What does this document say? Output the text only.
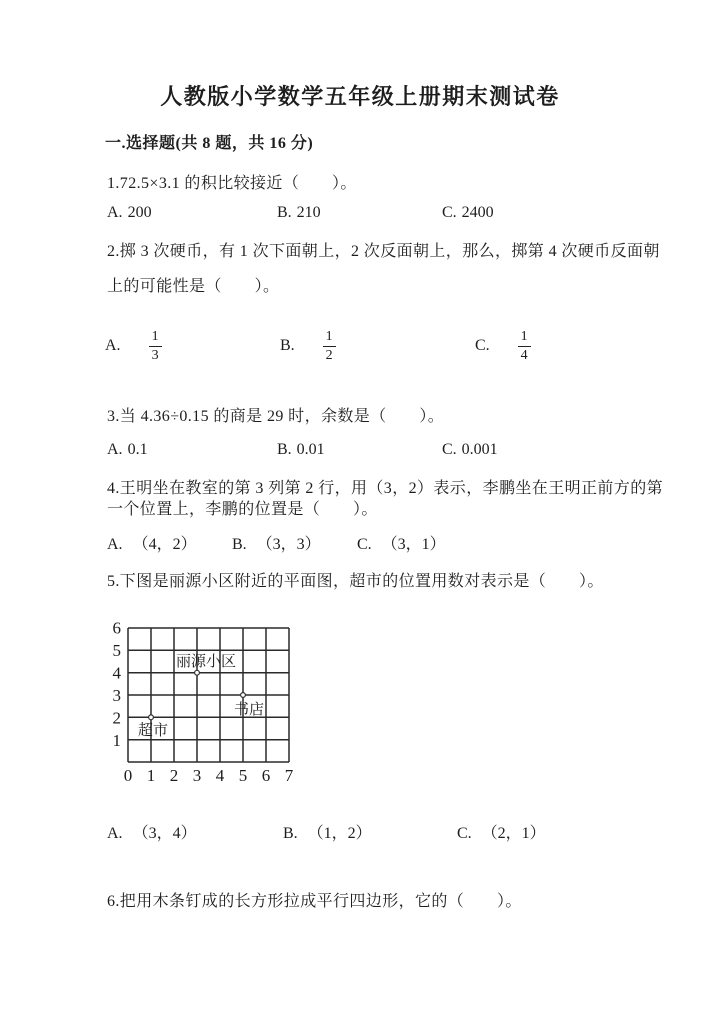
人教版小学数学五年级上册期末测试卷
一.选择题(共 8 题，共 16 分)
1.72.5×3.1 的积比较接近（　　）。
A. 200	B. 210	C. 2400
2.掷 3 次硬币，有 1 次下面朝上，2 次反面朝上，那么，掷第 4 次硬币反面朝
上的可能性是（　　）。
A. $\frac{1}{3}$	B. $\frac{1}{2}$	C. $\frac{1}{4}$
3.当 4.36÷0.15 的商是 29 时，余数是（　　）。
A. 0.1	B. 0.01	C. 0.001
4.王明坐在教室的第 3 列第 2 行，用（3，2）表示，李鹏坐在王明正前方的第
一个位置上，李鹏的位置是（　　）。
A. （4，2） B. （3，3） C. （3，1）
5.下图是丽源小区附近的平面图，超市的位置用数对表示是（　　）。
6
5
4
3
2
1
0 1 2 3 4 5 6 7
丽源小区
书店
超市
A. （3，4）	B. （1，2）	C. （2，1）
6.把用木条钉成的长方形拉成平行四边形，它的（　　）。
